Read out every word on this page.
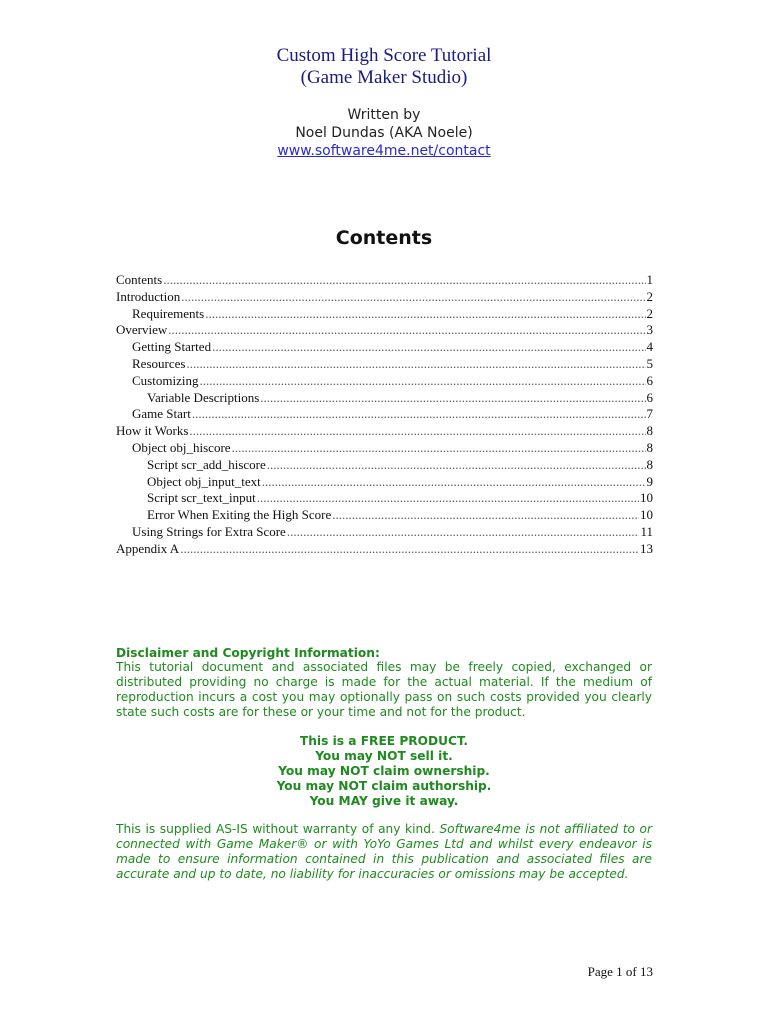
Custom High Score Tutorial
(Game Maker Studio)
Written by
Noel Dundas (AKA Noele)
www.software4me.net/contact
Contents
Contents .....	1
Introduction .....	2
Requirements .....	2
Overview .....	3
Getting Started .....	4
Resources .....	5
Customizing .....	6
Variable Descriptions .....	6
Game Start .....	7
How it Works .....	8
Object obj_hiscore .....	8
Script scr_add_hiscore .....	8
Object obj_input_text .....	9
Script scr_text_input .....	10
Error When Exiting the High Score .....	10
Using Strings for Extra Score .....	11
Appendix A .....	13
Disclaimer and Copyright Information:

This tutorial document and associated files may be freely copied, exchanged or distributed providing no charge is made for the actual material. If the medium of reproduction incurs a cost you may optionally pass on such costs provided you clearly state such costs are for these or your time and not for the product.

This is a FREE PRODUCT.
You may NOT sell it.
You may NOT claim ownership.
You may NOT claim authorship.
You MAY give it away.

This is supplied AS-IS without warranty of any kind. Software4me is not affiliated to or connected with Game Maker® or with YoYo Games Ltd and whilst every endeavor is made to ensure information contained in this publication and associated files are accurate and up to date, no liability for inaccuracies or omissions may be accepted.

Page 1 of 13
